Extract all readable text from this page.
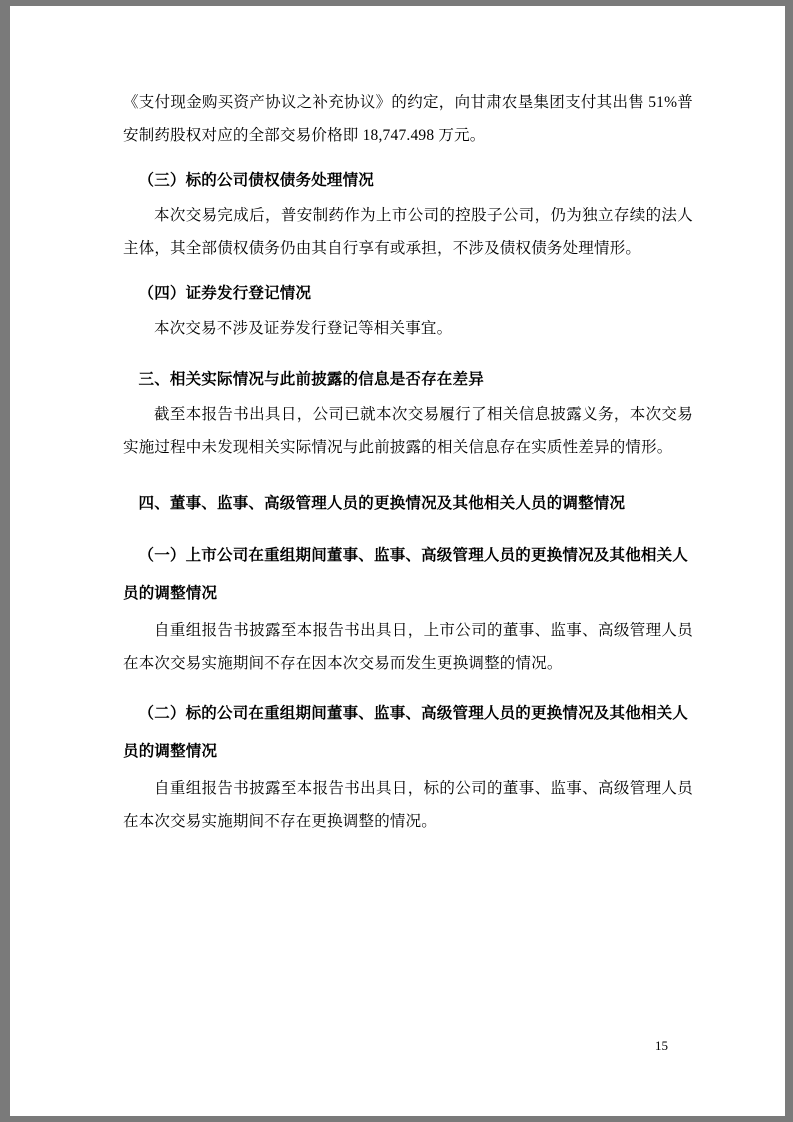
《支付现金购买资产协议之补充协议》的约定，向甘肃农垦集团支付其出售 51%普安制药股权对应的全部交易价格即 18,747.498 万元。

（三）标的公司债权债务处理情况

本次交易完成后，普安制药作为上市公司的控股子公司，仍为独立存续的法人主体，其全部债权债务仍由其自行享有或承担，不涉及债权债务处理情形。

（四）证券发行登记情况

本次交易不涉及证券发行登记等相关事宜。

三、相关实际情况与此前披露的信息是否存在差异

截至本报告书出具日，公司已就本次交易履行了相关信息披露义务，本次交易实施过程中未发现相关实际情况与此前披露的相关信息存在实质性差异的情形。

四、董事、监事、高级管理人员的更换情况及其他相关人员的调整情况

（一）上市公司在重组期间董事、监事、高级管理人员的更换情况及其他相关人员的调整情况

自重组报告书披露至本报告书出具日，上市公司的董事、监事、高级管理人员在本次交易实施期间不存在因本次交易而发生更换调整的情况。

（二）标的公司在重组期间董事、监事、高级管理人员的更换情况及其他相关人员的调整情况

自重组报告书披露至本报告书出具日，标的公司的董事、监事、高级管理人员在本次交易实施期间不存在更换调整的情况。

15
